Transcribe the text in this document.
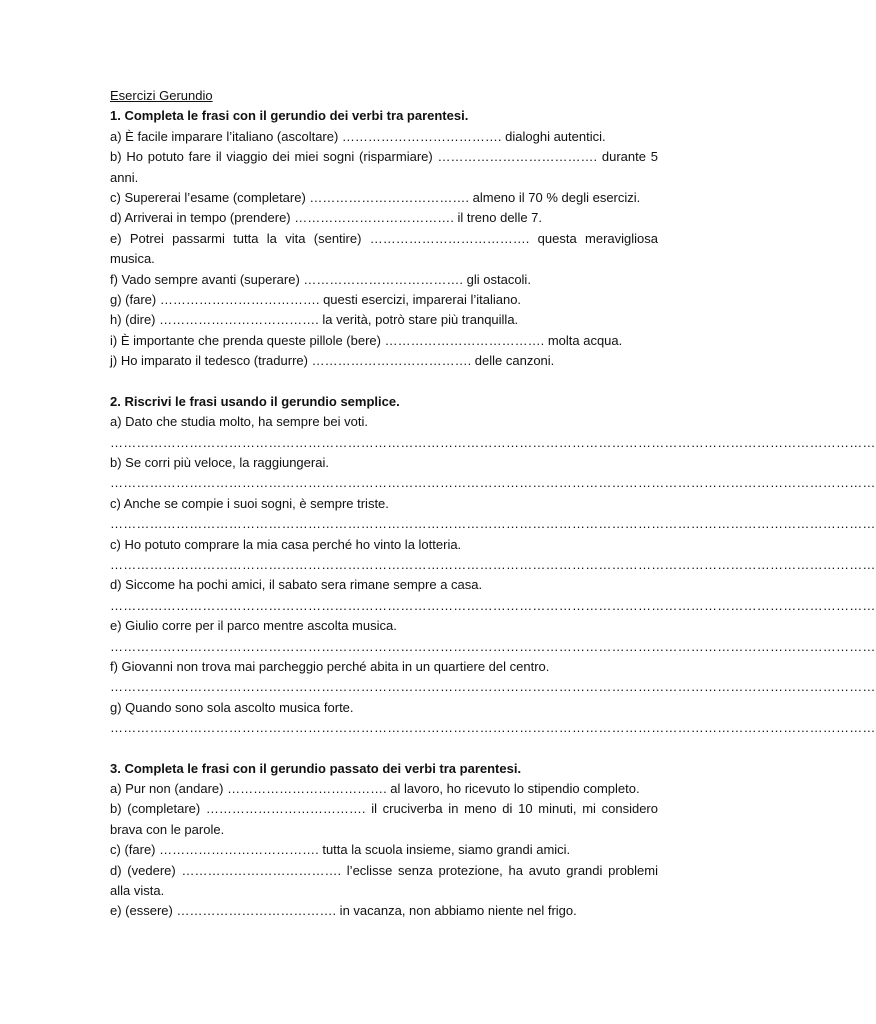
Esercizi Gerundio

1. Completa le frasi con il gerundio dei verbi tra parentesi.

a) È facile imparare l’italiano (ascoltare) ………………………………. dialoghi autentici.

b) Ho potuto fare il viaggio dei miei sogni (risparmiare) ………………………………. durante 5 anni.

c) Supererai l’esame (completare) ………………………………. almeno il 70 % degli esercizi.

d) Arriverai in tempo (prendere) ………………………………. il treno delle 7.

e) Potrei passarmi tutta la vita (sentire) ………………………………. questa meravigliosa musica.

f) Vado sempre avanti (superare) ………………………………. gli ostacoli.

g) (fare) ………………………………. questi esercizi, imparerai l’italiano.

h) (dire) ………………………………. la verità, potrò stare più tranquilla.

i) È importante che prenda queste pillole (bere) ………………………………. molta acqua.

j) Ho imparato il tedesco (tradurre) ………………………………. delle canzoni.

2. Riscrivi le frasi usando il gerundio semplice.

a) Dato che studia molto, ha sempre bei voti.

…………………………………………………………………………………………………………………………………………………………

b) Se corri più veloce, la raggiungerai.

…………………………………………………………………………………………………………………………………………………………

c) Anche se compie i suoi sogni, è sempre triste.

…………………………………………………………………………………………………………………………………………………………

c) Ho potuto comprare la mia casa perché ho vinto la lotteria.

…………………………………………………………………………………………………………………………………………………………

d) Siccome ha pochi amici, il sabato sera rimane sempre a casa.

…………………………………………………………………………………………………………………………………………………………

e) Giulio corre per il parco mentre ascolta musica.

…………………………………………………………………………………………………………………………………………………………

f) Giovanni non trova mai parcheggio perché abita in un quartiere del centro.

…………………………………………………………………………………………………………………………………………………………

g) Quando sono sola ascolto musica forte.

…………………………………………………………………………………………………………………………………………………………

3. Completa le frasi con il gerundio passato dei verbi tra parentesi.

a) Pur non (andare) ………………………………. al lavoro, ho ricevuto lo stipendio completo.

b) (completare) ………………………………. il cruciverba in meno di 10 minuti, mi considero brava con le parole.

c) (fare) ………………………………. tutta la scuola insieme, siamo grandi amici.

d) (vedere) ………………………………. l’eclisse senza protezione, ha avuto grandi problemi alla vista.

e) (essere) ………………………………. in vacanza, non abbiamo niente nel frigo.
